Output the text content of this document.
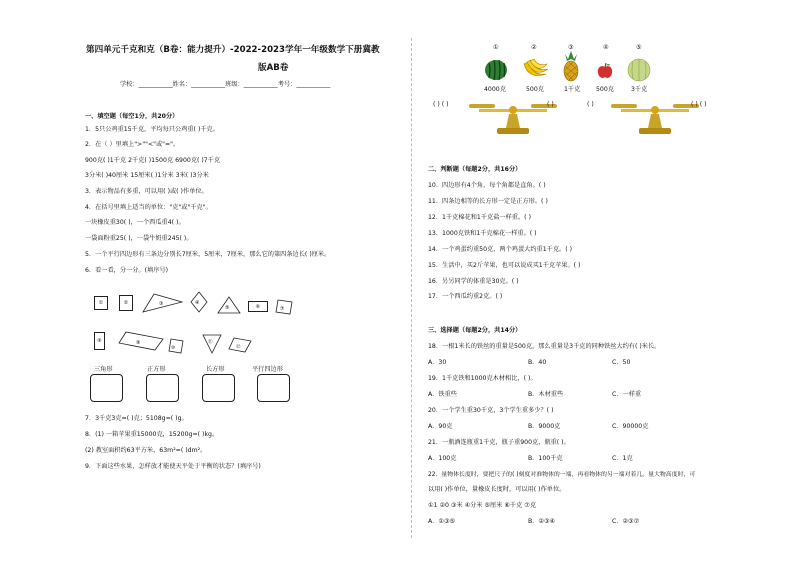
第四单元千克和克（B卷：能力提升）-2022-2023学年一年级数学下册冀教
版AB卷
学校：___________姓名：___________班级：___________考号：___________
一、填空题（每空1分，共20分）
1．5只公鸡重15千克，平均每只公鸡重( )千克。
2．在（ ）里填上">""<"或"="。
900克( )1千克 2千克( )1500克 6900克( )7千克
3分米( )40厘米 15厘米( )1分米 3米( )3分米
3．表示物品有多重，可以用( )或( )作单位。
4．在括号里填上适当的单位："克"或"千克"。
一块橡皮重30( )，一个西瓜重4( )。
一袋面粉重25( )，一袋牛奶重245( )。
5．一个平行四边形有三条边分别长7厘米，5厘米，7厘米，那么它的第四条边长( )厘米。
6．看一看，分一分。(填序号)
①	②	③	④
⑤	⑥	⑦
⑧	⑨
⑩
⑪
⑫
三角形	正方形	长方形	平行四边形
7．3千克3克=( )克；5108g=( )g。
8．(1) 一箱苹果重15000克，15200g=( )kg。
(2) 教室面积约63平方米，63m²=( )dm²。
9．下面这些水果，怎样放才能使天平处于平衡的状态？(填序号)
①	②	③	④	⑤
4000克	500克	1千克	500克	3千克
( ) ( )	( )	( )	( ) ( )
二、判断题（每题2分，共16分）
10．四边形有4个角，每个角都是直角。( )
11．四条边相等的长方形一定是正方形。( )
12．1千克棉花和1千克盐一样重。( )
13．1000克铁和1千克棉花一样重。( )
14．一个鸡蛋约重50克，两个鸡蛋大约重1千克。( )
15．生活中，买2斤苹果，也可以说成买1千克苹果。( )
16．另另同学的体重是30克。( )
17．一个西瓜约重2克。( )
三、选择题（每题2分，共14分）
18．一根1米长的铁丝的重量是500克，那么重量是3千克的同种铁丝大约有( )米长。
A．30	B．40	C．50
19．1千克铁和1000克木材相比，( )。
A．铁重些	B．木材重些	C．一样重
20．一个学生重30千克，3个学生重多少？( )
A．90克	B．9000克	C．90000克
21．一瓶酒连瓶重1千克，瓶子重900克，瓶重( )。
A．100克	B．100千克	C．1克
22．量物体长度时，要把尺子的( )刻度对准物体的一端，再看物体的另一端对着几。量大物高度时，可
以用( )作单位，量橡皮长度时，可以用( )作单位。
①1 ②0 ③米 ④分米 ⑤厘米 ⑥千克 ⑦克
A．①③⑤	B．②③④	C．②③⑦
